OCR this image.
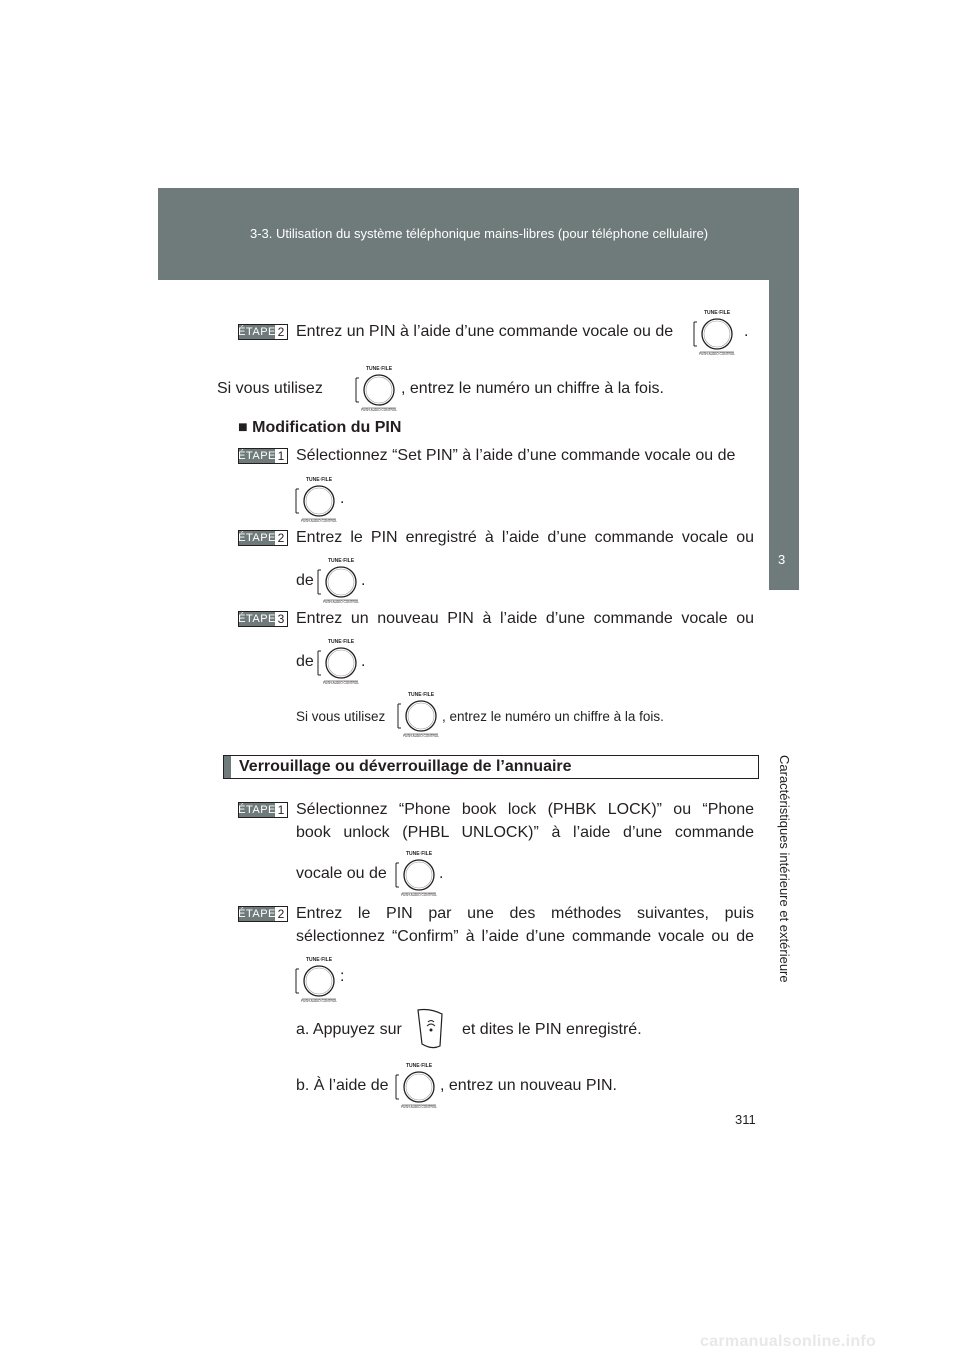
3-3. Utilisation du système téléphonique mains-libres (pour téléphone cellulaire)
3
Caractéristiques intérieure et extérieure
ÉTAPE 2 Entrez un PIN à l’aide d’une commande vocale ou de
TUNE·FILE
PUSH AUDIO CONTROL
.
Si vous utilisez
TUNE·FILE
PUSH AUDIO CONTROL
, entrez le numéro un chiffre à la fois.
■ Modification du PIN
ÉTAPE 1 Sélectionnez “Set PIN” à l’aide d’une commande vocale ou de
TUNE·FILE
PUSH AUDIO CONTROL
.
ÉTAPE 2 Entrez le PIN enregistré à l’aide d’une commande vocale ou
de
TUNE·FILE
PUSH AUDIO CONTROL
.
ÉTAPE 3 Entrez un nouveau PIN à l’aide d’une commande vocale ou
de
TUNE·FILE
PUSH AUDIO CONTROL
.
Si vous utilisez
TUNE·FILE
PUSH AUDIO CONTROL
, entrez le numéro un chiffre à la fois.
Verrouillage ou déverrouillage de l’annuaire
ÉTAPE 1 Sélectionnez “Phone book lock (PHBK LOCK)” ou “Phone
book unlock (PHBL UNLOCK)” à l’aide d’une commande
vocale ou de
TUNE·FILE
PUSH AUDIO CONTROL
.
ÉTAPE 2 Entrez le PIN par une des méthodes suivantes, puis
sélectionnez “Confirm” à l’aide d’une commande vocale ou de
TUNE·FILE
PUSH AUDIO CONTROL
:
a. Appuyez sur	et dites le PIN enregistré.
b. À l’aide de
TUNE·FILE
PUSH AUDIO CONTROL
, entrez un nouveau PIN.
311
carmanualsonline.info
